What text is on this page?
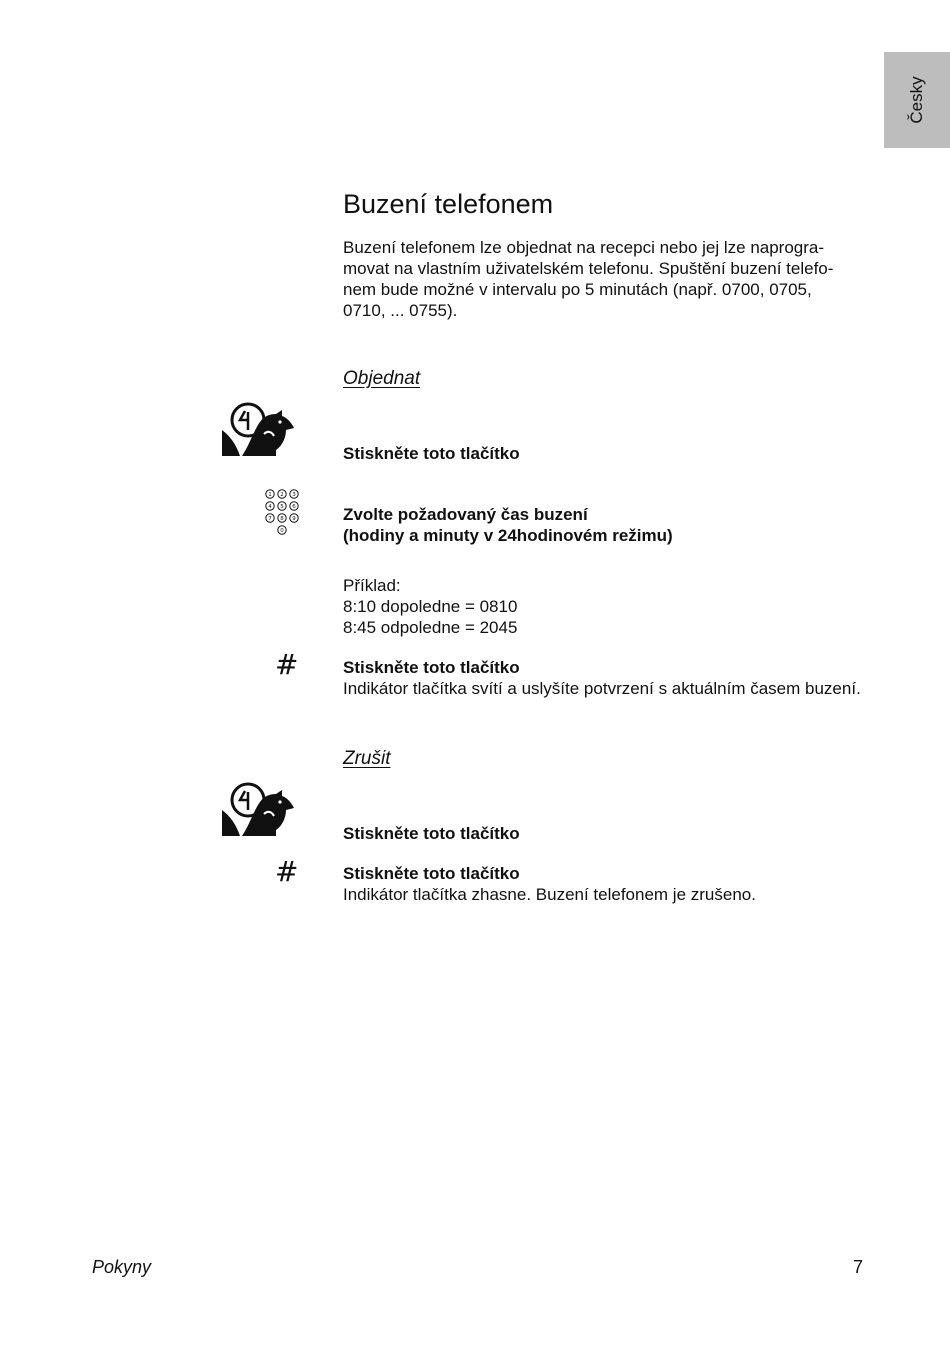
Česky
Buzení telefonem
Buzení telefonem lze objednat na recepci nebo jej lze naprogra-
movat na vlastním uživatelském telefonu. Spuštění buzení telefo-
nem bude možné v intervalu po 5 minutách (např. 0700, 0705,
0710, ... 0755).
Objednat
Stiskněte toto tlačítko
1 2 3
4 5 6
7 8 9
0
Zvolte požadovaný čas buzení
(hodiny a minuty v 24hodinovém režimu)
Příklad:
8:10 dopoledne = 0810
8:45 odpoledne = 2045
#	Stiskněte toto tlačítko
Indikátor tlačítka svítí a uslyšíte potvrzení s aktuálním časem buzení.
Zrušit
Stiskněte toto tlačítko
#	Stiskněte toto tlačítko
Indikátor tlačítka zhasne. Buzení telefonem je zrušeno.
Pokyny	7
